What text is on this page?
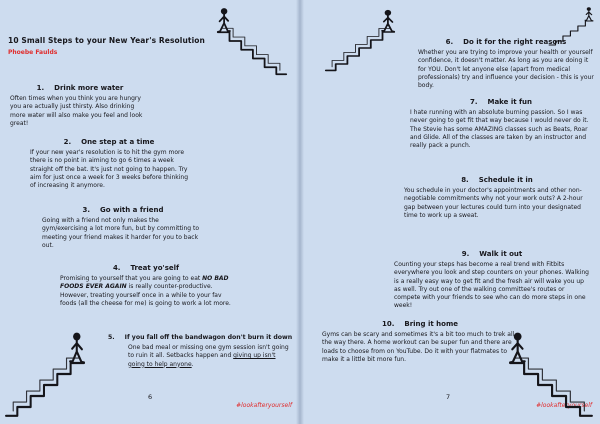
10 Small Steps to your New Year's Resolution
Phoebe Faulds
1. Drink more water

Often times when you think you are hungry you are actually just thirsty. Also drinking more water will also make you feel and look great!

2. One step at a time

If your new year's resolution is to hit the gym more there is no point in aiming to go 6 times a week straight off the bat. It's just not going to happen. Try aim for just once a week for 3 weeks before thinking of increasing it anymore.

3. Go with a friend

Going with a friend not only makes the gym/exercising a lot more fun, but by committing to meeting your friend makes it harder for you to back out.

4. Treat yo'self

Promising to yourself that you are going to eat NO BAD FOODS EVER AGAIN is really counter-productive. However, treating yourself once in a while to your fav foods (all the cheese for me) is going to work a lot more.

5. If you fall off the bandwagon don't burn it down

One bad meal or missing one gym session isn't going to ruin it all. Setbacks happen and giving up isn't going to help anyone.

6
#lookafteryourself
6. Do it for the right reasons

Whether you are trying to improve your health or yourself confidence, it doesn't matter. As long as you are doing it for YOU. Don't let anyone else (apart from medical professionals) try and influence your decision - this is your body.

7. Make it fun

I hate running with an absolute burning passion. So I was never going to get fit that way because I would never do it. The Stevie has some AMAZING classes such as Beats, Roar and Glide. All of the classes are taken by an instructor and really pack a punch.

8. Schedule it in

You schedule in your doctor's appointments and other non-negotiable commitments why not your work outs? A 2-hour gap between your lectures could turn into your designated time to work up a sweat.

9. Walk it out

Counting your steps has become a real trend with Fitbits everywhere you look and step counters on your phones. Walking is a really easy way to get fit and the fresh air will wake you up as well. Try out one of the walking committee's routes or compete with your friends to see who can do more steps in one week!

10. Bring it home

Gyms can be scary and sometimes it's a bit too much to trek all the way there. A home workout can be super fun and there are loads to choose from on YouTube. Do it with your flatmates to make it a little bit more fun.

7
#lookafteryourself
